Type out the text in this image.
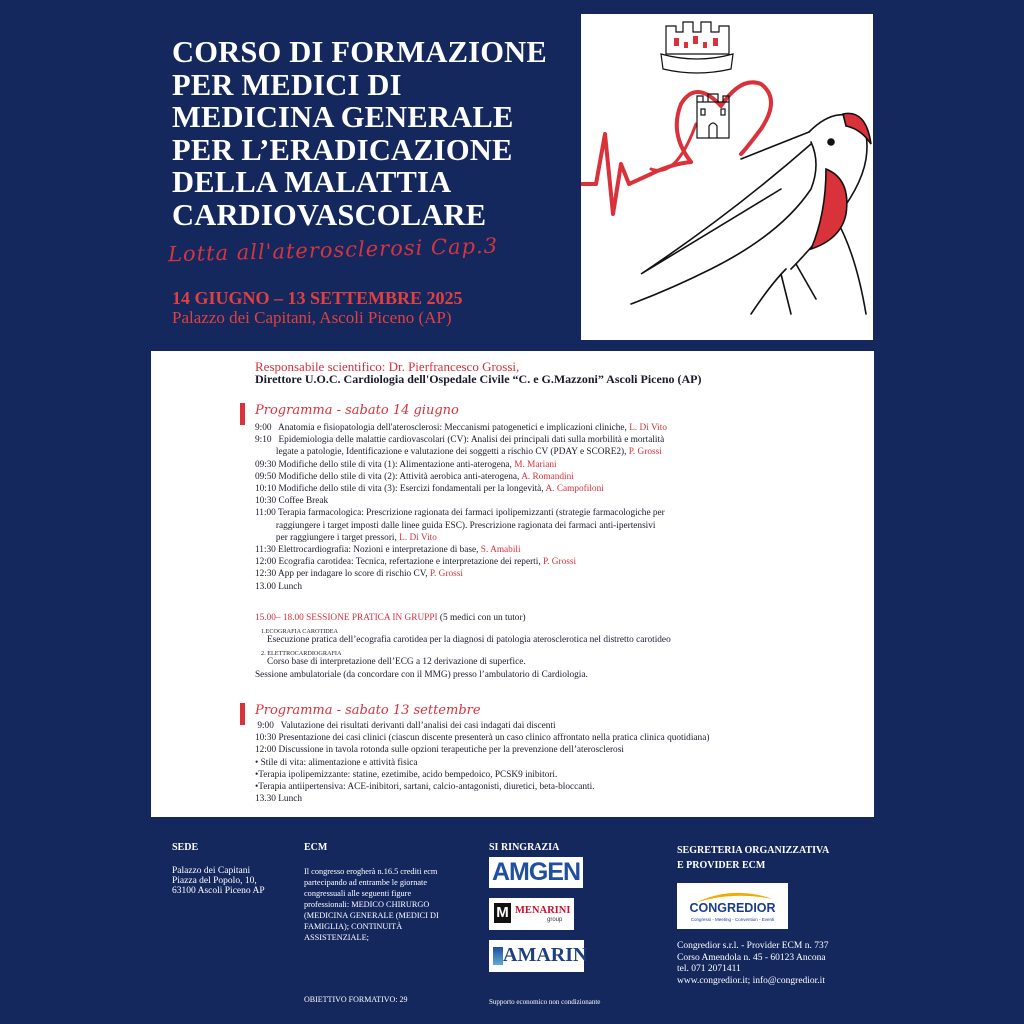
CORSO DI FORMAZIONE
PER MEDICI DI
MEDICINA GENERALE
PER L’ERADICAZIONE
DELLA MALATTIA
CARDIOVASCOLARE
Lotta all'aterosclerosi Cap.3
14 GIUGNO – 13 SETTEMBRE 2025
Palazzo dei Capitani, Ascoli Piceno (AP)
Responsabile scientifico: Dr. Pierfrancesco Grossi,
Direttore U.O.C. Cardiologia dell'Ospedale Civile “C. e G.Mazzoni” Ascoli Piceno (AP)
Programma - sabato 14 giugno
9:00   Anatomia e fisiopatologia dell'aterosclerosi: Meccanismi patogenetici e implicazioni cliniche, L. Di Vito
9:10   Epidemiologia delle malattie cardiovascolari (CV): Analisi dei principali dati sulla morbilità e mortalità
legate a patologie, Identificazione e valutazione dei soggetti a rischio CV (PDAY e SCORE2), P. Grossi
09:30 Modifiche dello stile di vita (1): Alimentazione anti-aterogena, M. Mariani
09:50 Modifiche dello stile di vita (2): Attività aerobica anti-aterogena, A. Romandini
10:10 Modifiche dello stile di vita (3): Esercizi fondamentali per la longevità, A. Campofiloni
10:30 Coffee Break
11:00 Terapia farmacologica: Prescrizione ragionata dei farmaci ipolipemizzanti (strategie farmacologiche per
raggiungere i target imposti dalle linee guida ESC). Prescrizione ragionata dei farmaci anti-ipertensivi
per raggiungere i target pressori, L. Di Vito
11:30 Elettrocardiografia: Nozioni e interpretazione di base, S. Amabili
12:00 Ecografia carotidea: Tecnica, refertazione e interpretazione dei reperti, P. Grossi
12:30 App per indagare lo score di rischio CV, P. Grossi
13.00 Lunch
15.00– 18.00 SESSIONE PRATICA IN GRUPPI (5 medici con un tutor)
1.ECOGRAFIA CAROTIDEA
Esecuzione pratica dell’ecografia carotidea per la diagnosi di patologia aterosclerotica nel distretto carotideo
2. ELETTROCARDIOGRAFIA
Corso base di interpretazione dell’ECG a 12 derivazione di superfice.
Sessione ambulatoriale (da concordare con il MMG) presso l’ambulatorio di Cardiologia.
Programma - sabato 13 settembre
9:00   Valutazione dei risultati derivanti dall’analisi dei casi indagati dai discenti
10:30 Presentazione dei casi clinici (ciascun discente presenterà un caso clinico affrontato nella pratica clinica quotidiana)
12:00 Discussione in tavola rotonda sulle opzioni terapeutiche per la prevenzione dell’aterosclerosi
• Stile di vita: alimentazione e attività fisica
•Terapia ipolipemizzante: statine, ezetimibe, acido bempedoico, PCSK9 inibitori.
•Terapia antiipertensiva: ACE-inibitori, sartani, calcio-antagonisti, diuretici, beta-bloccanti.
13.30 Lunch
SEDE
Palazzo dei Capitani
Piazza del Popolo, 10,
63100 Ascoli Piceno AP
ECM
Il congresso erogherà n.16.5 crediti ecm
partecipando ad entrambe le giornate
congressuali alle seguenti figure
professionali: MEDICO CHIRURGO
(MEDICINA GENERALE (MEDICI DI
FAMIGLIA); CONTINUITÀ
ASSISTENZIALE;
OBIETTIVO FORMATIVO: 29
SI RINGRAZIA
AMGEN
M MENARINI
group
AMARIN
Supporto economico non condizionante
SEGRETERIA ORGANIZZATIVA
E PROVIDER ECM
CONGREDIOR
Congressi - Meeting - Convention - Eventi
Congredior s.r.l. - Provider ECM n. 737
Corso Amendola n. 45 - 60123 Ancona
tel. 071 2071411
www.congredior.it; info@congredior.it
